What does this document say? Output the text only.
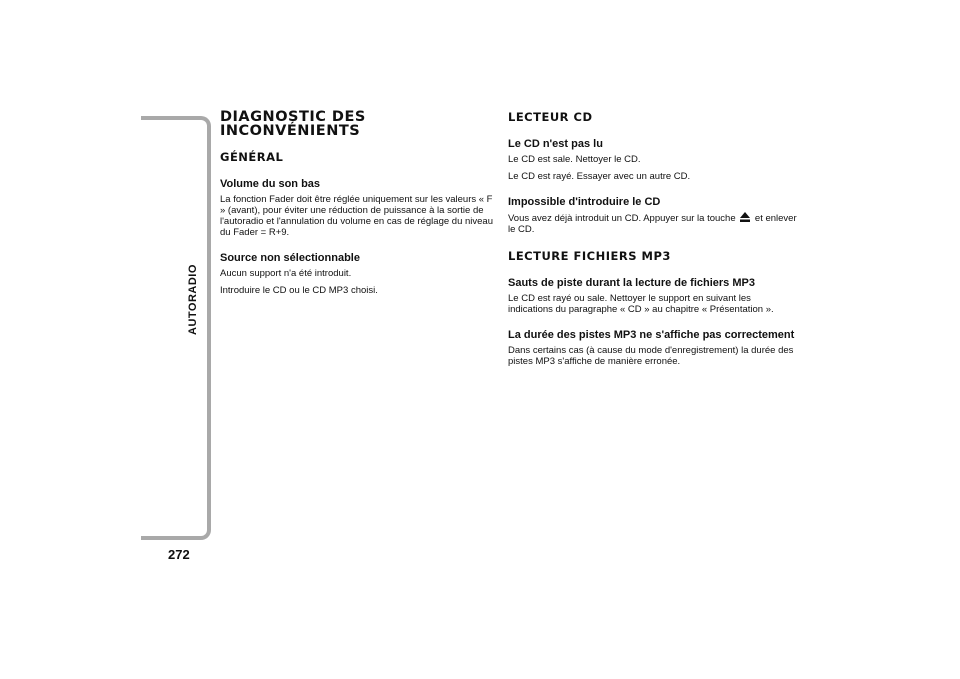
AUTORADIO
272
DIAGNOSTIC DES INCONVÉNIENTS
GÉNÉRAL
Volume du son bas
La fonction Fader doit être réglée uniquement sur les valeurs « F » (avant), pour éviter une réduction de puissance à la sortie de l'autoradio et l'annulation du volume en cas de réglage du niveau du Fader = R+9.
Source non sélectionnable
Aucun support n'a été introduit.
Introduire le CD ou le CD MP3 choisi.
LECTEUR CD
Le CD n'est pas lu
Le CD est sale. Nettoyer le CD.
Le CD est rayé. Essayer avec un autre CD.
Impossible d'introduire le CD
Vous avez déjà introduit un CD. Appuyer sur la touche et enlever le CD.
LECTURE FICHIERS MP3
Sauts de piste durant la lecture de fichiers MP3
Le CD est rayé ou sale. Nettoyer le support en suivant les indications du paragraphe « CD » au chapitre « Présentation ».
La durée des pistes MP3 ne s'affiche pas correctement
Dans certains cas (à cause du mode d'enregistrement) la durée des pistes MP3 s'affiche de manière erronée.
